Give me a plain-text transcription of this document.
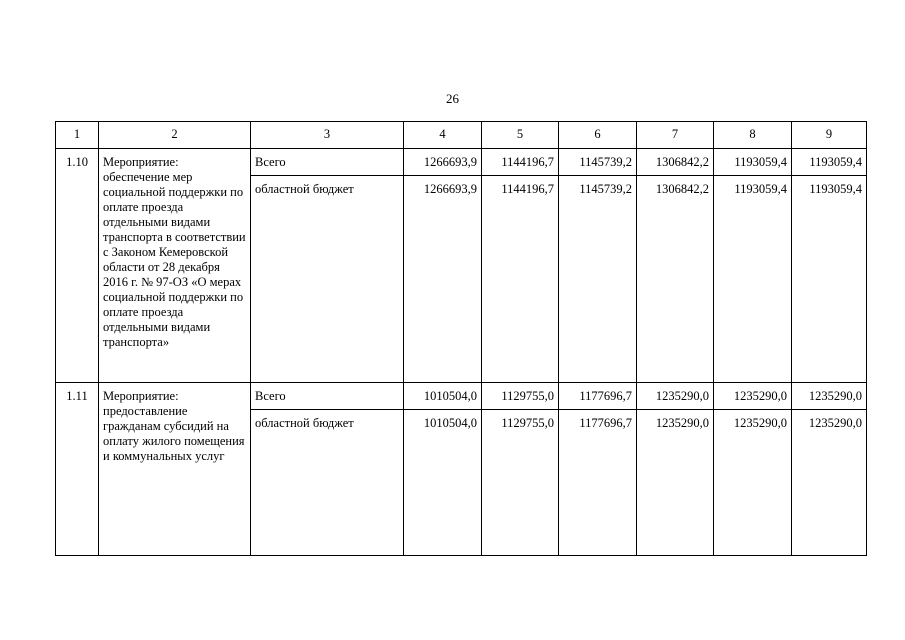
26
1	2	3	4	5	6	7	8	9
1.10	Мероприятие: обеспечение мер социальной поддержки по оплате проезда отдельными видами транспорта в соответствии с Законом Кемеровской области от 28 декабря 2016 г. № 97-ОЗ «О мерах социальной поддержки по оплате проезда отдельными видами транспорта»	Всего	1266693,9	1144196,7	1145739,2	1306842,2	1193059,4	1193059,4
		областной бюджет	1266693,9	1144196,7	1145739,2	1306842,2	1193059,4	1193059,4
1.11	Мероприятие: предоставление гражданам субсидий на оплату жилого помещения и коммунальных услуг	Всего	1010504,0	1129755,0	1177696,7	1235290,0	1235290,0	1235290,0
		областной бюджет	1010504,0	1129755,0	1177696,7	1235290,0	1235290,0	1235290,0
